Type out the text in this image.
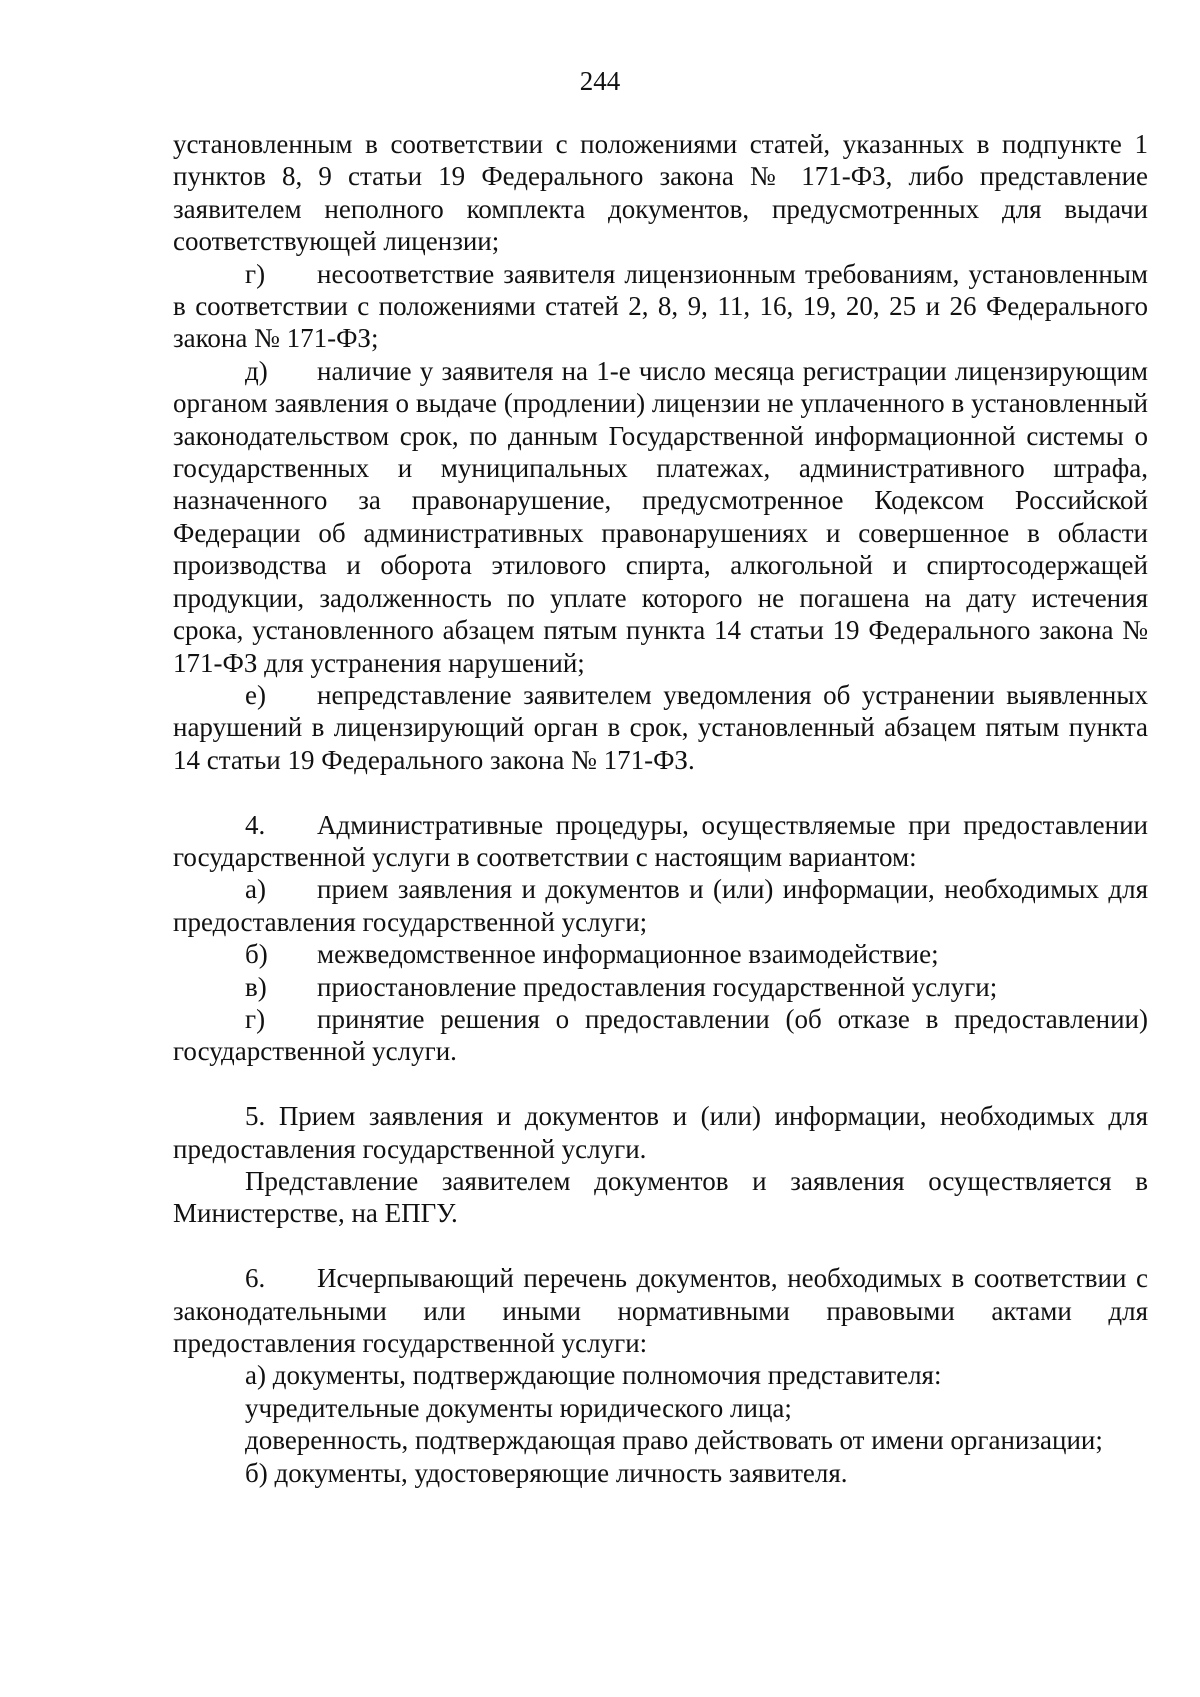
244

установленным в соответствии с положениями статей, указанных в подпункте 1 пунктов 8, 9 статьи 19 Федерального закона № 171-ФЗ, либо представление заявителем неполного комплекта документов, предусмотренных для выдачи соответствующей лицензии;

г) несоответствие заявителя лицензионным требованиям, установленным в соответствии с положениями статей 2, 8, 9, 11, 16, 19, 20, 25 и 26 Федерального закона № 171-ФЗ;

д) наличие у заявителя на 1-е число месяца регистрации лицензирующим органом заявления о выдаче (продлении) лицензии не уплаченного в установленный законодательством срок, по данным Государственной информационной системы о государственных и муниципальных платежах, административного штрафа, назначенного за правонарушение, предусмотренное Кодексом Российской Федерации об административных правонарушениях и совершенное в области производства и оборота этилового спирта, алкогольной и спиртосодержащей продукции, задолженность по уплате которого не погашена на дату истечения срока, установленного абзацем пятым пункта 14 статьи 19 Федерального закона № 171-ФЗ для устранения нарушений;

е) непредставление заявителем уведомления об устранении выявленных нарушений в лицензирующий орган в срок, установленный абзацем пятым пункта 14 статьи 19 Федерального закона № 171-ФЗ.

4. Административные процедуры, осуществляемые при предоставлении государственной услуги в соответствии с настоящим вариантом:

а) прием заявления и документов и (или) информации, необходимых для предоставления государственной услуги;

б) межведомственное информационное взаимодействие;

в) приостановление предоставления государственной услуги;

г) принятие решения о предоставлении (об отказе в предоставлении) государственной услуги.

5. Прием заявления и документов и (или) информации, необходимых для предоставления государственной услуги.

Представление заявителем документов и заявления осуществляется в Министерстве, на ЕПГУ.

6. Исчерпывающий перечень документов, необходимых в соответствии с законодательными или иными нормативными правовыми актами для предоставления государственной услуги:

а) документы, подтверждающие полномочия представителя:

учредительные документы юридического лица;

доверенность, подтверждающая право действовать от имени организации;

б) документы, удостоверяющие личность заявителя.
